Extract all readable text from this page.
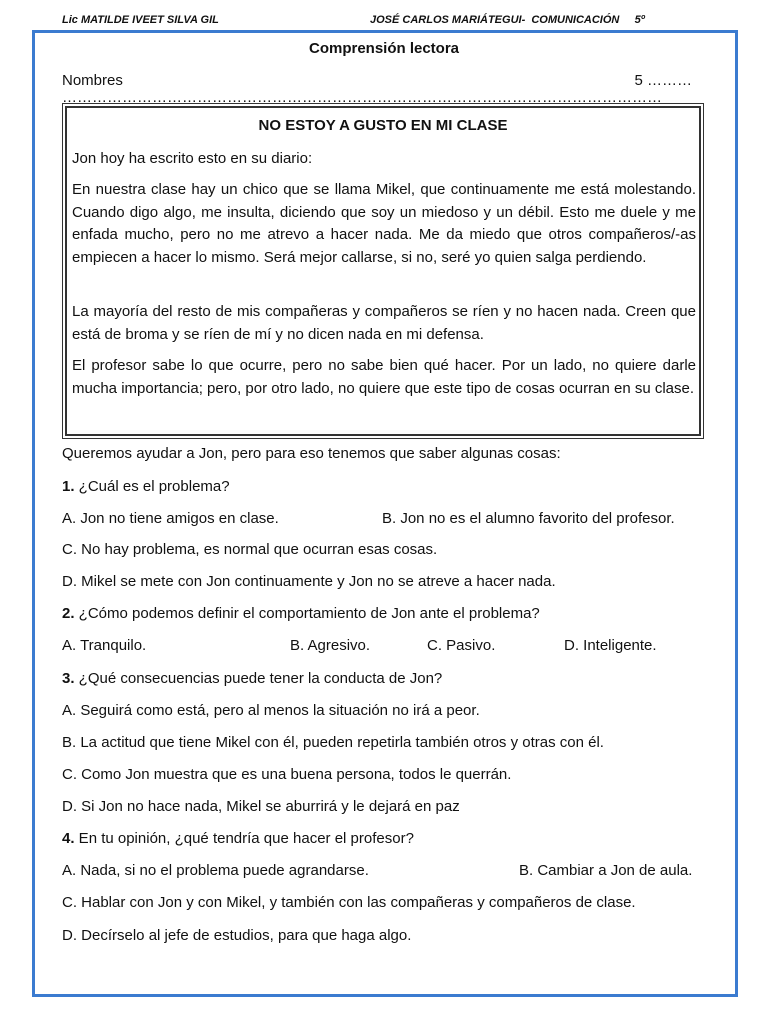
Lic MATILDE IVEET SILVA GIL	JOSÉ CARLOS MARIÁTEGUI-  COMUNICACIÓN     5º
Comprensión lectora
Nombres …………………………………………………………………………………………………………
5 ………
NO ESTOY A GUSTO EN MI CLASE
Jon hoy ha escrito esto en su diario:
En nuestra clase hay un chico que se llama Mikel, que continuamente me está molestando. Cuando digo algo, me insulta, diciendo que soy un miedoso y un débil. Esto me duele y me enfada mucho, pero no me atrevo a hacer nada. Me da miedo que otros compañeros/-as empiecen a hacer lo mismo. Será mejor callarse, si no, seré yo quien salga perdiendo.
La mayoría del resto de mis compañeras y compañeros se ríen y no hacen nada. Creen que está de broma y se ríen de mí y no dicen nada en mi defensa.
El profesor sabe lo que ocurre, pero no sabe bien qué hacer. Por un lado, no quiere darle mucha importancia; pero, por otro lado, no quiere que este tipo de cosas ocurran en su clase.
Queremos ayudar a Jon, pero para eso tenemos que saber algunas cosas:
1. ¿Cuál es el problema?
A. Jon no tiene amigos en clase.	B. Jon no es el alumno favorito del profesor.
C. No hay problema, es normal que ocurran esas cosas.
D. Mikel se mete con Jon continuamente y Jon no se atreve a hacer nada.
2. ¿Cómo podemos definir el comportamiento de Jon ante el problema?
A. Tranquilo.	B. Agresivo.	C. Pasivo.	D. Inteligente.
3. ¿Qué consecuencias puede tener la conducta de Jon?
A. Seguirá como está, pero al menos la situación no irá a peor.
B. La actitud que tiene Mikel con él, pueden repetirla también otros y otras con él.
C. Como Jon muestra que es una buena persona, todos le querrán.
D. Si Jon no hace nada, Mikel se aburrirá y le dejará en paz
4. En tu opinión, ¿qué tendría que hacer el profesor?
A. Nada, si no el problema puede agrandarse.	B. Cambiar a Jon de aula.
C. Hablar con Jon y con Mikel, y también con las compañeras y compañeros de clase.
D. Decírselo al jefe de estudios, para que haga algo.
